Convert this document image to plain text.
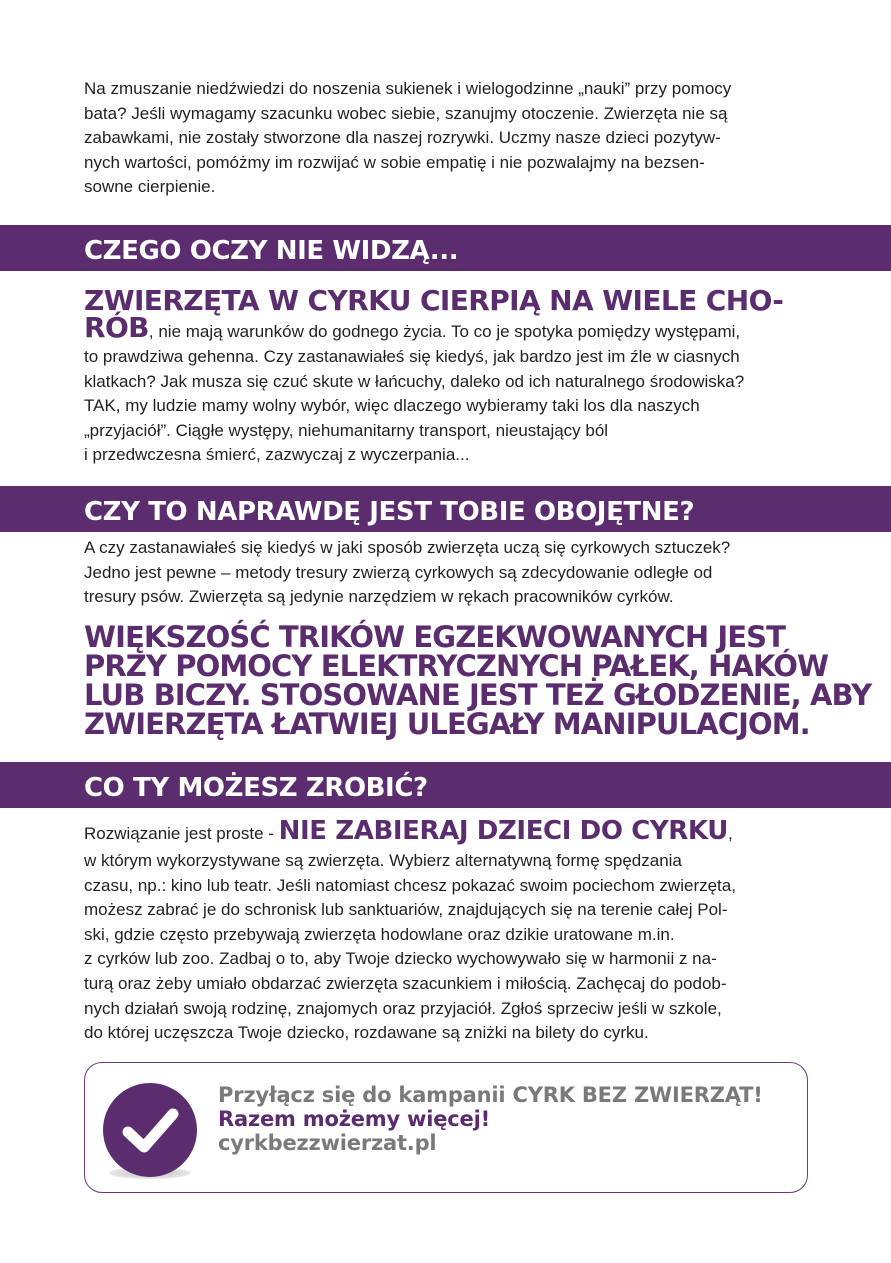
Na zmuszanie niedźwiedzi do noszenia sukienek i wielogodzinne „nauki” przy pomocy
bata? Jeśli wymagamy szacunku wobec siebie, szanujmy otoczenie. Zwierzęta nie są
zabawkami, nie zostały stworzone dla naszej rozrywki. Uczmy nasze dzieci pozytyw-
nych wartości, pomóżmy im rozwijać w sobie empatię i nie pozwalajmy na bezsen-
sowne cierpienie.

CZEGO OCZY NIE WIDZĄ...
ZWIERZĘTA W CYRKU CIERPIĄ NA WIELE CHO-
RÓB, nie mają warunków do godnego życia. To co je spotyka pomiędzy występami,

to prawdziwa gehenna. Czy zastanawiałeś się kiedyś, jak bardzo jest im źle w ciasnych
klatkach? Jak musza się czuć skute w łańcuchy, daleko od ich naturalnego środowiska?
TAK, my ludzie mamy wolny wybór, więc dlaczego wybieramy taki los dla naszych
„przyjaciół”. Ciągłe występy, niehumanitarny transport, nieustający ból
i przedwczesna śmierć, zazwyczaj z wyczerpania...

CZY TO NAPRAWDĘ JEST TOBIE OBOJĘTNE?

A czy zastanawiałeś się kiedyś w jaki sposób zwierzęta uczą się cyrkowych sztuczek?
Jedno jest pewne – metody tresury zwierzą cyrkowych są zdecydowanie odległe od
tresury psów. Zwierzęta są jedynie narzędziem w rękach pracowników cyrków.

WIĘKSZOŚĆ TRIKÓW EGZEKWOWANYCH JEST
PRZY POMOCY ELEKTRYCZNYCH PAŁEK, HAKÓW
LUB BICZY. STOSOWANE JEST TEŻ GŁODZENIE, ABY
ZWIERZĘTA ŁATWIEJ ULEGAŁY MANIPULACJOM.

CO TY MOŻESZ ZROBIĆ?
Rozwiązanie jest proste - NIE ZABIERAJ DZIECI DO CYRKU,

w którym wykorzystywane są zwierzęta. Wybierz alternatywną formę spędzania
czasu, np.: kino lub teatr. Jeśli natomiast chcesz pokazać swoim pociechom zwierzęta,
możesz zabrać je do schronisk lub sanktuariów, znajdujących się na terenie całej Pol-
ski, gdzie często przebywają zwierzęta hodowlane oraz dzikie uratowane m.in.
z cyrków lub zoo. Zadbaj o to, aby Twoje dziecko wychowywało się w harmonii z na-
turą oraz żeby umiało obdarzać zwierzęta szacunkiem i miłością. Zachęcaj do podob-
nych działań swoją rodzinę, znajomych oraz przyjaciół. Zgłoś sprzeciw jeśli w szkole,
do której uczęszcza Twoje dziecko, rozdawane są zniżki na bilety do cyrku.

Przyłącz się do kampanii CYRK BEZ ZWIERZĄT!
Razem możemy więcej!
cyrkbezzwierzat.pl
